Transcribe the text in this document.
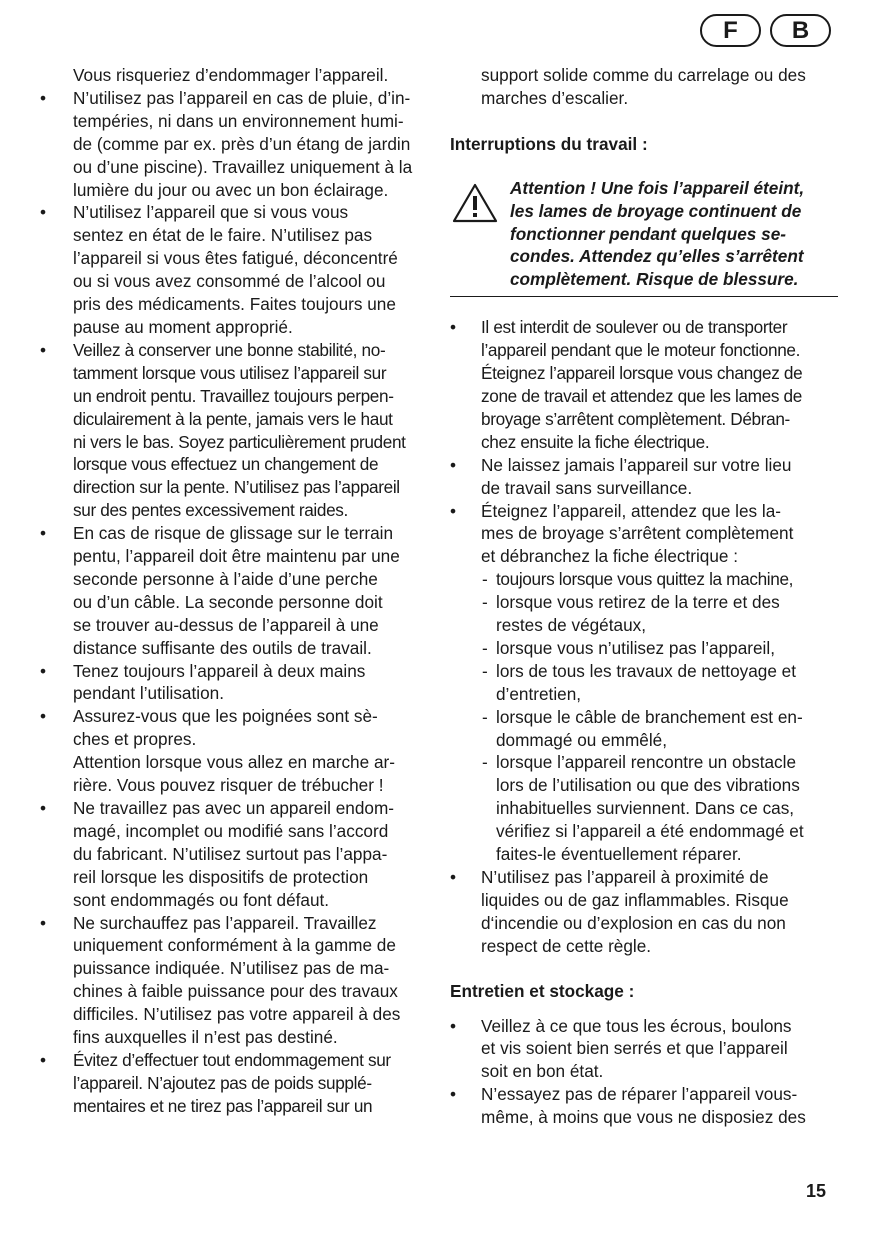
F	B

Vous risqueriez d’endommager l’appareil.

• N’utilisez pas l’appareil en cas de pluie, d’in-
tempéries, ni dans un environnement humi-
de (comme par ex. près d’un étang de jardin
ou d’une piscine). Travaillez uniquement à la
lumière du jour ou avec un bon éclairage.
• N’utilisez l’appareil que si vous vous
sentez en état de le faire. N’utilisez pas
l’appareil si vous êtes fatigué, déconcentré
ou si vous avez consommé de l’alcool ou
pris des médicaments. Faites toujours une
pause au moment approprié.
• Veillez à conserver une bonne stabilité, no-
tamment lorsque vous utilisez l’appareil sur
un endroit pentu. Travaillez toujours perpen-
diculairement à la pente, jamais vers le haut
ni vers le bas. Soyez particulièrement prudent
lorsque vous effectuez un changement de
direction sur la pente. N’utilisez pas l’appareil
sur des pentes excessivement raides.
• En cas de risque de glissage sur le terrain
pentu, l’appareil doit être maintenu par une
seconde personne à l’aide d’une perche
ou d’un câble. La seconde personne doit
se trouver au-dessus de l’appareil à une
distance suffisante des outils de travail.
• Tenez toujours l’appareil à deux mains
pendant l’utilisation.
• Assurez-vous que les poignées sont sè-
ches et propres.
Attention lorsque vous allez en marche ar-
rière. Vous pouvez risquer de trébucher !
• Ne travaillez pas avec un appareil endom-
magé, incomplet ou modifié sans l’accord
du fabricant. N’utilisez surtout pas l’appa-
reil lorsque les dispositifs de protection
sont endommagés ou font défaut.
• Ne surchauffez pas l’appareil. Travaillez
uniquement conformément à la gamme de
puissance indiquée. N’utilisez pas de ma-
chines à faible puissance pour des travaux
difficiles. N’utilisez pas votre appareil à des
fins auxquelles il n’est pas destiné.
• Évitez d’effectuer tout endommagement sur
l’appareil. N’ajoutez pas de poids supplé-
mentaires et ne tirez pas l’appareil sur un

support solide comme du carrelage ou des
marches d’escalier.

Interruptions du travail :
Attention ! Une fois l’appareil éteint,
les lames de broyage continuent de
fonctionner pendant quelques se-
condes. Attendez qu’elles s’arrêtent
complètement. Risque de blessure.
• Il est interdit de soulever ou de transporter
l’appareil pendant que le moteur fonctionne.
Éteignez l’appareil lorsque vous changez de
zone de travail et attendez que les lames de
broyage s’arrêtent complètement. Débran-
chez ensuite la fiche électrique.
• Ne laissez jamais l’appareil sur votre lieu
de travail sans surveillance.
• Éteignez l’appareil, attendez que les la-
mes de broyage s’arrêtent complètement
et débranchez la fiche électrique :
- toujours lorsque vous quittez la machine,
- lorsque vous retirez de la terre et des
restes de végétaux,
- lorsque vous n’utilisez pas l’appareil,
- lors de tous les travaux de nettoyage et
d’entretien,
- lorsque le câble de branchement est en-
dommagé ou emmêlé,
- lorsque l’appareil rencontre un obstacle
lors de l’utilisation ou que des vibrations
inhabituelles surviennent. Dans ce cas,
vérifiez si l’appareil a été endommagé et
faites-le éventuellement réparer.
• N’utilisez pas l’appareil à proximité de
liquides ou de gaz inflammables. Risque
d‘incendie ou d’explosion en cas du non
respect de cette règle.
Entretien et stockage :
• Veillez à ce que tous les écrous, boulons
et vis soient bien serrés et que l’appareil
soit en bon état.
• N’essayez pas de réparer l’appareil vous-
même, à moins que vous ne disposiez des
15
